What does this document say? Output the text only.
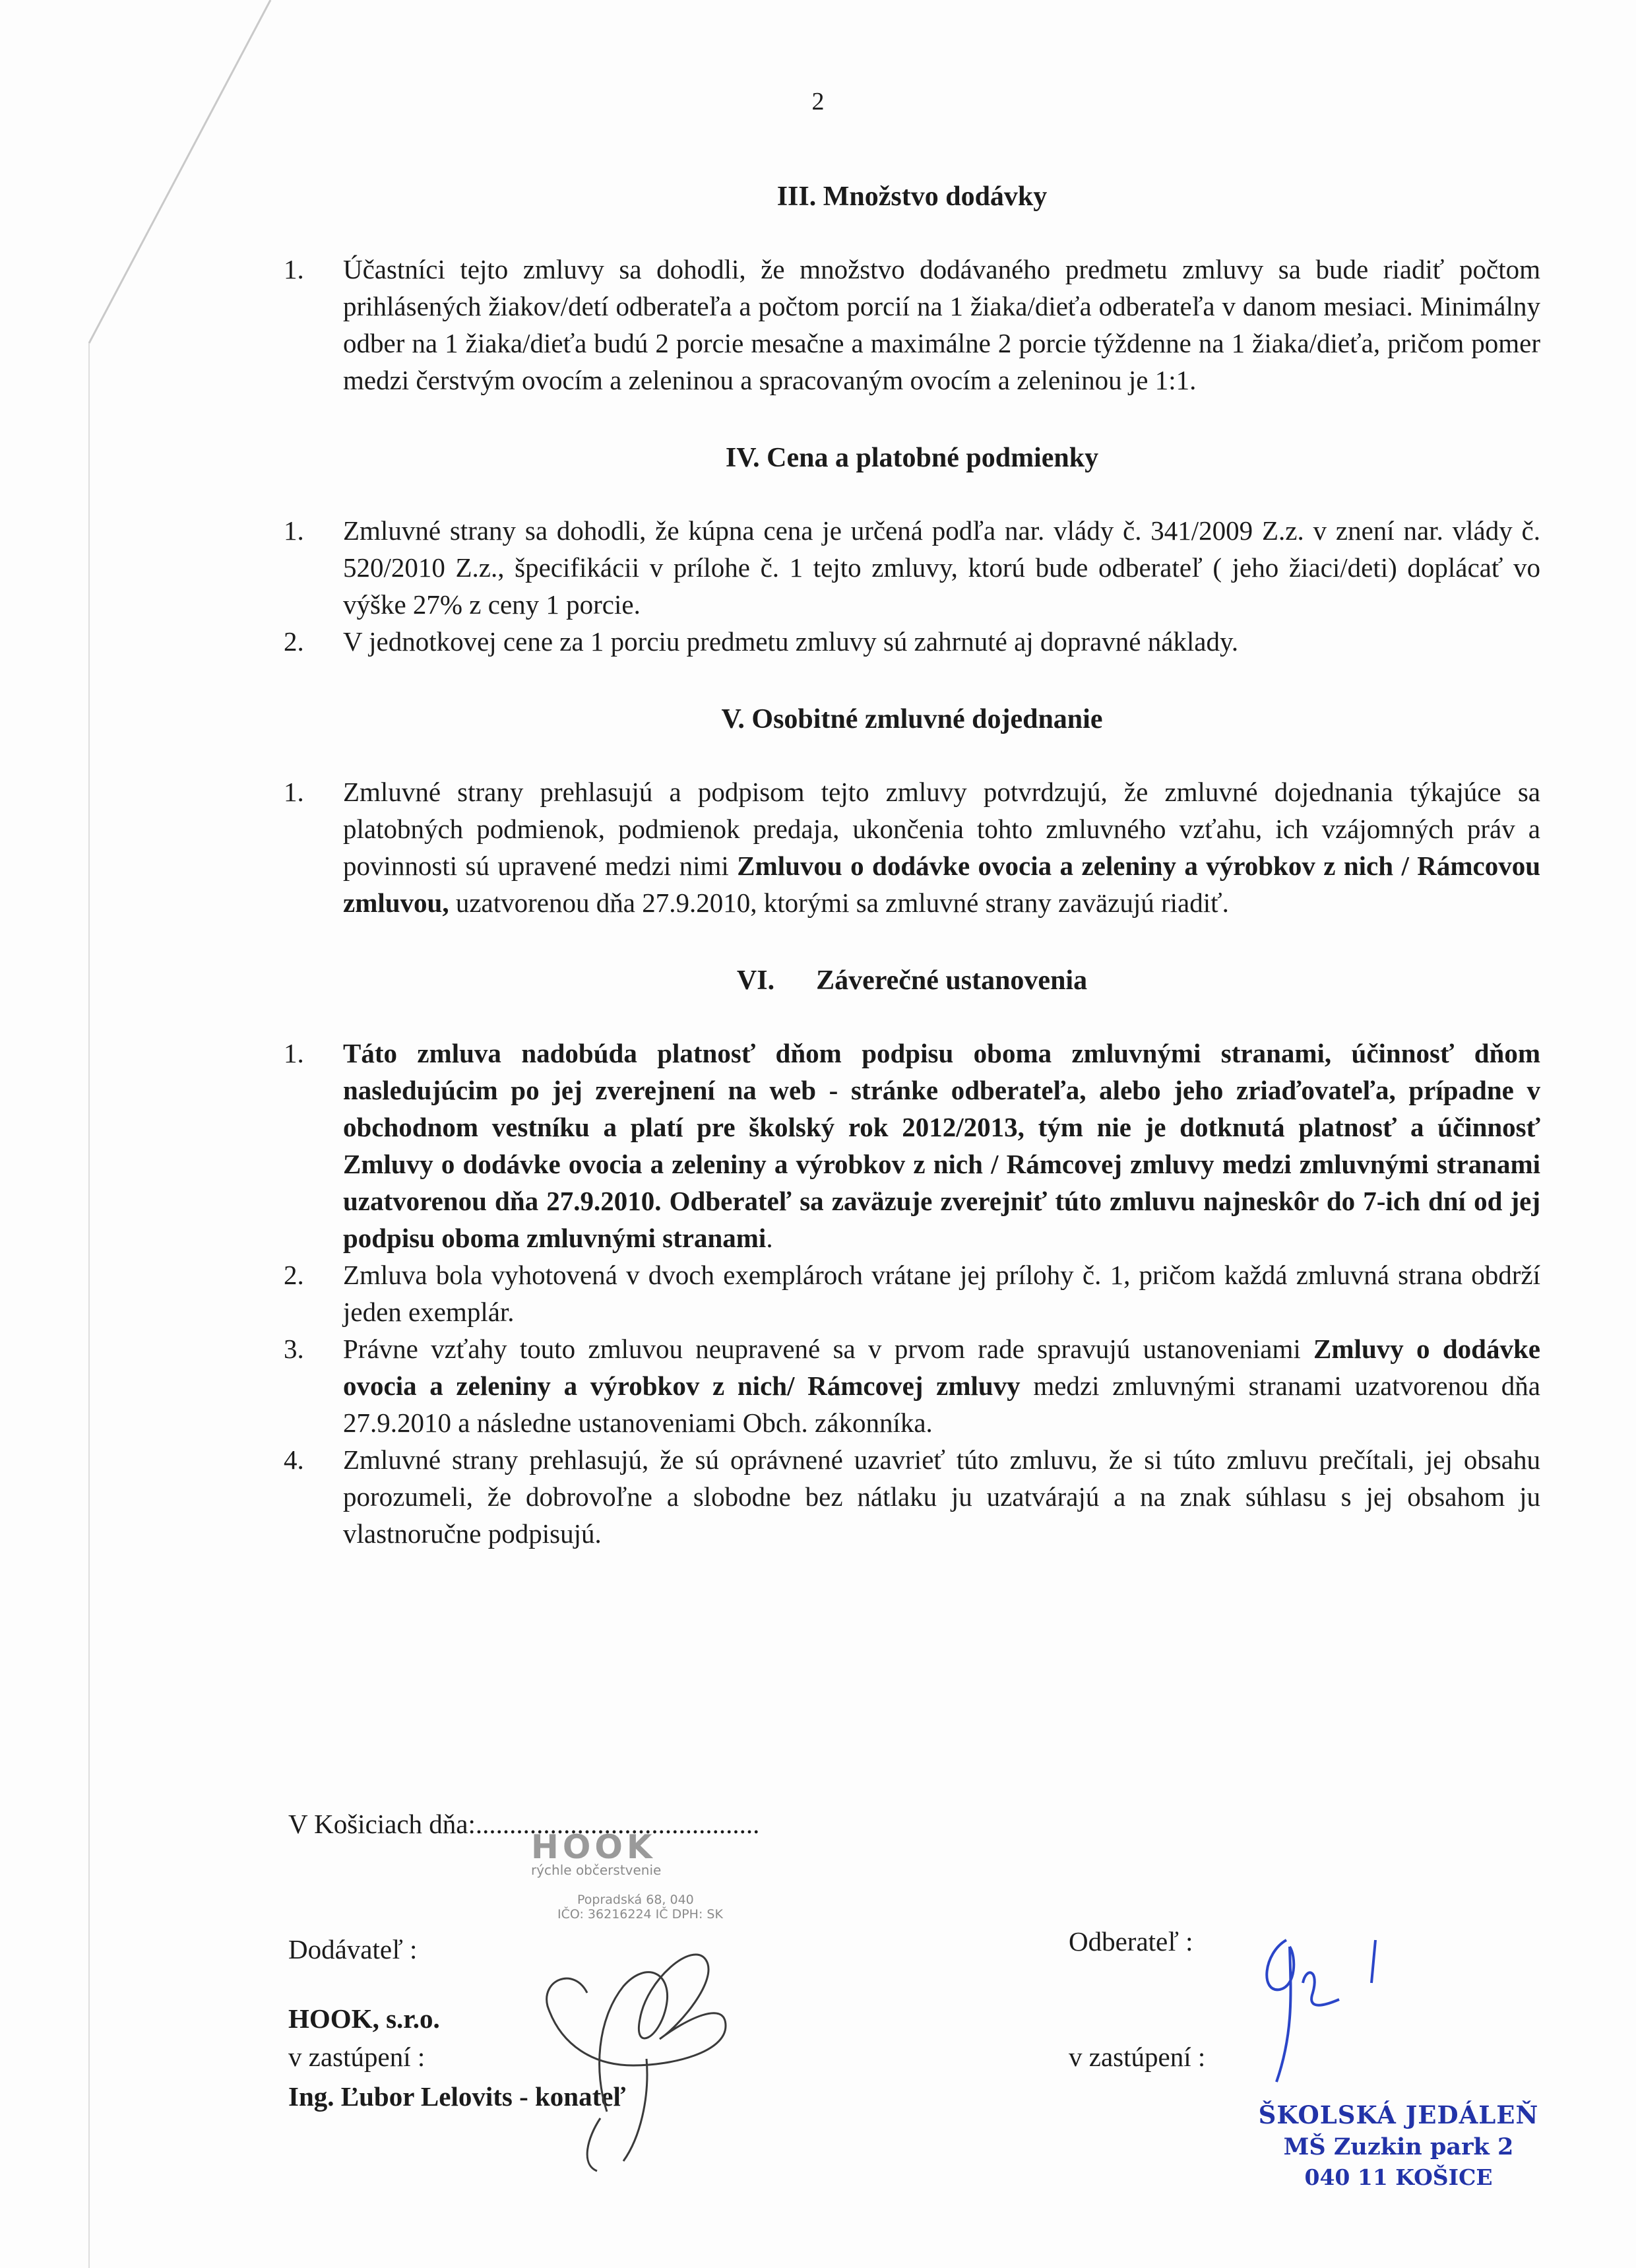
2
III. Množstvo dodávky
1. Účastníci tejto zmluvy sa dohodli, že množstvo dodávaného predmetu zmluvy sa bude riadiť počtom prihlásených žiakov/detí odberateľa a počtom porcií na 1 žiaka/dieťa odberateľa v danom mesiaci. Minimálny odber na 1 žiaka/dieťa budú 2 porcie mesačne a maximálne 2 porcie týždenne na 1 žiaka/dieťa, pričom pomer medzi čerstvým ovocím a zeleninou a spracovaným ovocím a zeleninou je 1:1.
IV. Cena a platobné podmienky
1. Zmluvné strany sa dohodli, že kúpna cena je určená podľa nar. vlády č. 341/2009 Z.z. v znení nar. vlády č. 520/2010 Z.z., špecifikácii v prílohe č. 1 tejto zmluvy, ktorú bude odberateľ ( jeho žiaci/deti) doplácať vo výške 27% z ceny 1 porcie.
2. V jednotkovej cene za 1 porciu predmetu zmluvy sú zahrnuté aj dopravné náklady.
V. Osobitné zmluvné dojednanie
1. Zmluvné strany prehlasujú a podpisom tejto zmluvy potvrdzujú, že zmluvné dojednania týkajúce sa platobných podmienok, podmienok predaja, ukončenia tohto zmluvného vzťahu, ich vzájomných práv a povinnosti sú upravené medzi nimi Zmluvou o dodávke ovocia a zeleniny a výrobkov z nich / Rámcovou zmluvou, uzatvorenou dňa 27.9.2010, ktorými sa zmluvné strany zaväzujú riadiť.
VI.      Záverečné ustanovenia
1. Táto zmluva nadobúda platnosť dňom podpisu oboma zmluvnými stranami, účinnosť dňom nasledujúcim po jej zverejnení na web - stránke odberateľa, alebo jeho zriaďovateľa, prípadne v obchodnom vestníku a platí pre školský rok 2012/2013, tým nie je dotknutá platnosť a účinnosť Zmluvy o dodávke ovocia a zeleniny a výrobkov z nich / Rámcovej zmluvy medzi zmluvnými stranami uzatvorenou dňa 27.9.2010. Odberateľ sa zaväzuje zverejniť túto zmluvu najneskôr do 7-ich dní od jej podpisu oboma zmluvnými stranami.
2. Zmluva bola vyhotovená v dvoch exemplároch vrátane jej prílohy č. 1, pričom každá zmluvná strana obdrží jeden exemplár.
3. Právne vzťahy touto zmluvou neupravené sa v prvom rade spravujú ustanoveniami Zmluvy o dodávke ovocia a zeleniny a výrobkov z nich/ Rámcovej zmluvy medzi zmluvnými stranami uzatvorenou dňa 27.9.2010 a následne ustanoveniami Obch. zákonníka.
4. Zmluvné strany prehlasujú, že sú oprávnené uzavrieť túto zmluvu, že si túto zmluvu prečítali, jej obsahu porozumeli, že dobrovoľne a slobodne bez nátlaku ju uzatvárajú a na znak súhlasu s jej obsahom ju vlastnoručne podpisujú.
V Košiciach dňa:..........................................
Dodávateľ :
HOOK, s.r.o.
v zastúpení :
Ing. Ľubor Lelovits - konateľ
Odberateľ :
v zastúpení :
HOOK
rýchle občerstvenie
Popradská 68, 040
IČO: 36216224 IČ DPH: SK
ŠKOLSKÁ JEDÁLEŇ
MŠ Zuzkin park 2
040 11 KOŠICE
